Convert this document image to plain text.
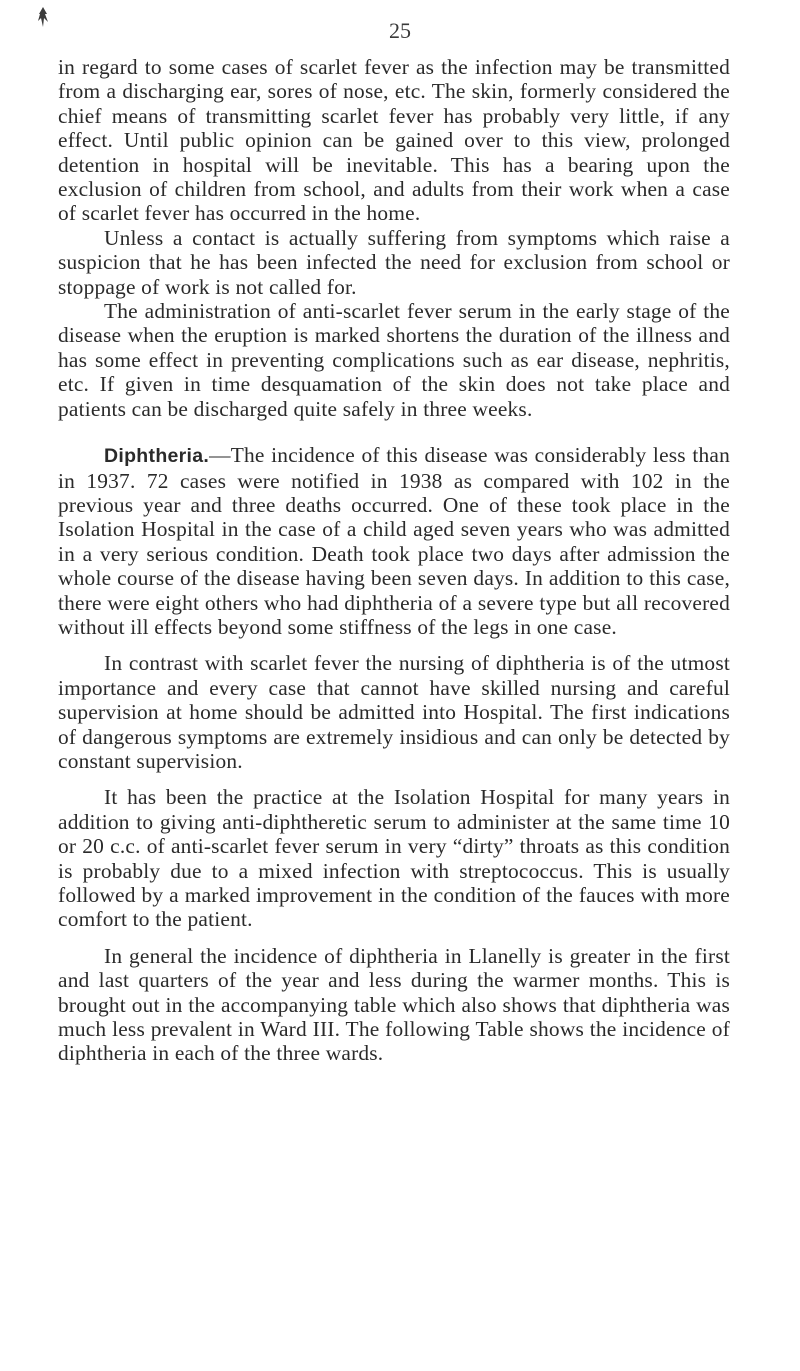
25

in regard to some cases of scarlet fever as the infection may be transmitted from a discharging ear, sores of nose, etc. The skin, formerly considered the chief means of transmitting scarlet fever has probably very little, if any effect. Until public opinion can be gained over to this view, prolonged detention in hospital will be inevitable. This has a bearing upon the exclusion of children from school, and adults from their work when a case of scarlet fever has occurred in the home.

Unless a contact is actually suffering from symptoms which raise a suspicion that he has been infected the need for exclusion from school or stoppage of work is not called for.

The administration of anti-scarlet fever serum in the early stage of the disease when the eruption is marked shortens the duration of the illness and has some effect in preventing complications such as ear disease, nephritis, etc. If given in time desquamation of the skin does not take place and patients can be discharged quite safely in three weeks.

Diphtheria.—The incidence of this disease was considerably less than in 1937. 72 cases were notified in 1938 as compared with 102 in the previous year and three deaths occurred. One of these took place in the Isolation Hospital in the case of a child aged seven years who was admitted in a very serious condition. Death took place two days after admission the whole course of the disease having been seven days. In addition to this case, there were eight others who had diphtheria of a severe type but all recovered without ill effects beyond some stiffness of the legs in one case.

In contrast with scarlet fever the nursing of diphtheria is of the utmost importance and every case that cannot have skilled nursing and careful supervision at home should be admitted into Hospital. The first indications of dangerous symptoms are extremely insidious and can only be detected by constant supervision.

It has been the practice at the Isolation Hospital for many years in addition to giving anti-diphtheretic serum to administer at the same time 10 or 20 c.c. of anti-scarlet fever serum in very “dirty” throats as this condition is probably due to a mixed infection with streptococcus. This is usually followed by a marked improvement in the condition of the fauces with more comfort to the patient.

In general the incidence of diphtheria in Llanelly is greater in the first and last quarters of the year and less during the warmer months. This is brought out in the accompanying table which also shows that diphtheria was much less prevalent in Ward III. The following Table shows the incidence of diphtheria in each of the three wards.
